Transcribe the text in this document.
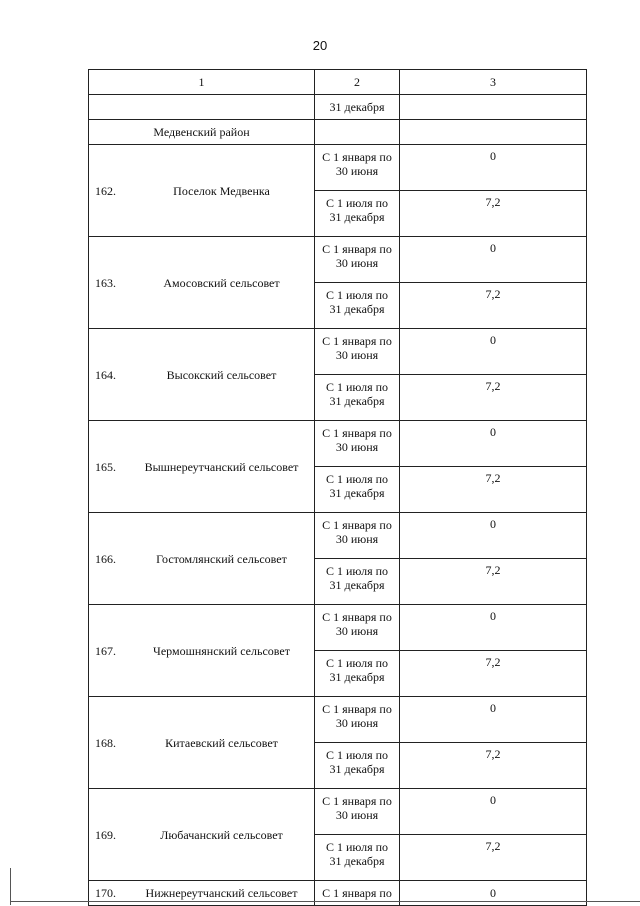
20
1	2	3
	31 декабря	
Медвенский район		

162. Поселок Медвенка	С 1 января по
30 июня	0

	С 1 июля по
31 декабря	7,2

163. Амосовский сельсовет	С 1 января по
30 июня	0

	С 1 июля по
31 декабря	7,2

164. Высокский сельсовет	С 1 января по
30 июня	0

	С 1 июля по
31 декабря	7,2

165. Вышнереутчанский сельсовет	С 1 января по
30 июня	0

	С 1 июля по
31 декабря	7,2

166. Гостомлянский сельсовет	С 1 января по
30 июня	0

	С 1 июля по
31 декабря	7,2

167. Чермошнянский сельсовет	С 1 января по
30 июня	0

	С 1 июля по
31 декабря	7,2

168. Китаевский сельсовет	С 1 января по
30 июня	0

	С 1 июля по
31 декабря	7,2

169. Любачанский сельсовет	С 1 января по
30 июня	0

	С 1 июля по
31 декабря	7,2

170. Нижнереутчанский сельсовет	С 1 января по	0
